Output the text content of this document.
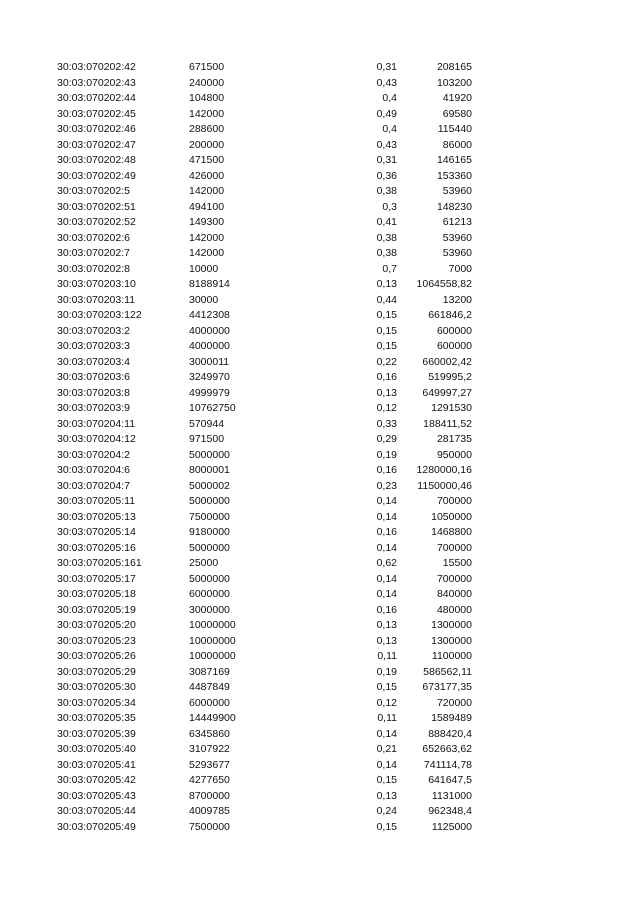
30:03:070202:42	671500	0,31	208165
30:03:070202:43	240000	0,43	103200
30:03:070202:44	104800	0,4	41920
30:03:070202:45	142000	0,49	69580
30:03:070202:46	288600	0,4	115440
30:03:070202:47	200000	0,43	86000
30:03:070202:48	471500	0,31	146165
30:03:070202:49	426000	0,36	153360
30:03:070202:5	142000	0,38	53960
30:03:070202:51	494100	0,3	148230
30:03:070202:52	149300	0,41	61213
30:03:070202:6	142000	0,38	53960
30:03:070202:7	142000	0,38	53960
30:03:070202:8	10000	0,7	7000
30:03:070203:10	8188914	0,13	1064558,82
30:03:070203:11	30000	0,44	13200
30:03:070203:122	4412308	0,15	661846,2
30:03:070203:2	4000000	0,15	600000
30:03:070203:3	4000000	0,15	600000
30:03:070203:4	3000011	0,22	660002,42
30:03:070203:6	3249970	0,16	519995,2
30:03:070203:8	4999979	0,13	649997,27
30:03:070203:9	10762750	0,12	1291530
30:03:070204:11	570944	0,33	188411,52
30:03:070204:12	971500	0,29	281735
30:03:070204:2	5000000	0,19	950000
30:03:070204:6	8000001	0,16	1280000,16
30:03:070204:7	5000002	0,23	1150000,46
30:03:070205:11	5000000	0,14	700000
30:03:070205:13	7500000	0,14	1050000
30:03:070205:14	9180000	0,16	1468800
30:03:070205:16	5000000	0,14	700000
30:03:070205:161	25000	0,62	15500
30:03:070205:17	5000000	0,14	700000
30:03:070205:18	6000000	0,14	840000
30:03:070205:19	3000000	0,16	480000
30:03:070205:20	10000000	0,13	1300000
30:03:070205:23	10000000	0,13	1300000
30:03:070205:26	10000000	0,11	1100000
30:03:070205:29	3087169	0,19	586562,11
30:03:070205:30	4487849	0,15	673177,35
30:03:070205:34	6000000	0,12	720000
30:03:070205:35	14449900	0,11	1589489
30:03:070205:39	6345860	0,14	888420,4
30:03:070205:40	3107922	0,21	652663,62
30:03:070205:41	5293677	0,14	741114,78
30:03:070205:42	4277650	0,15	641647,5
30:03:070205:43	8700000	0,13	1131000
30:03:070205:44	4009785	0,24	962348,4
30:03:070205:49	7500000	0,15	1125000
